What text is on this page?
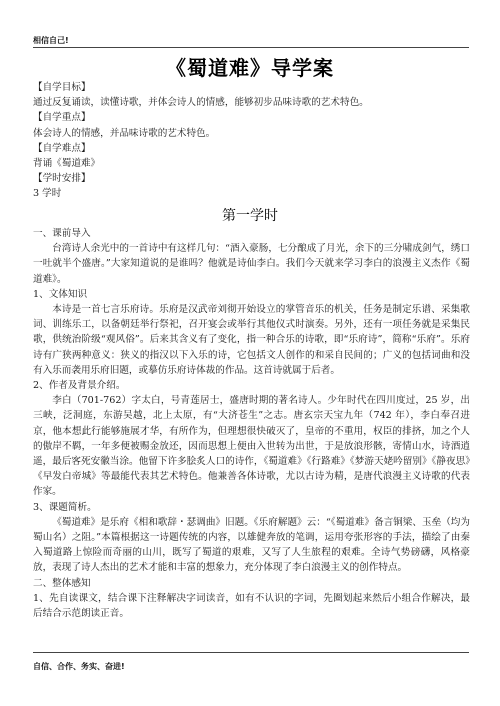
相信自己!
《蜀道难》导学案
【自学目标】
通过反复诵读，读懂诗歌，并体会诗人的情感，能够初步品味诗歌的艺术特色。
【自学重点】
体会诗人的情感，并品味诗歌的艺术特色。
【自学难点】
背诵《蜀道难》
【学时安排】
3 学时
第一学时
一、课前导入
台湾诗人余光中的一首诗中有这样几句：“酒入豪肠，七分酿成了月光，余下的三分啸成剑气，绣口一吐就半个盛唐。”大家知道说的是谁吗？他就是诗仙李白。我们今天就来学习李白的浪漫主义杰作《蜀道难》。
1、文体知识
本诗是一首七言乐府诗。乐府是汉武帝刘彻开始设立的掌管音乐的机关，任务是制定乐谱、采集歌词、训练乐工，以备朝廷举行祭祀，召开宴会或举行其他仪式时演奏。另外，还有一项任务就是采集民歌，供统治阶级“观风俗”。后来其含义有了变化，指一种合乐的诗歌，即“乐府诗”，简称“乐府”。乐府诗有广狭两种意义：狭义的指汉以下入乐的诗，它包括文人创作的和采自民间的；广义的包括词曲和没有入乐而袭用乐府旧题，或摹仿乐府诗体裁的作品。这首诗就属于后者。
2、作者及背景介绍。
李白（701-762）字太白，号青莲居士，盛唐时期的著名诗人。少年时代在四川度过，25 岁，出三峡，泛洞庭，东游吴越，北上太原，有“大济苍生”之志。唐玄宗天宝九年（742 年），李白奉召进京，他本想此行能够施展才华，有所作为，但理想很快破灭了，皇帝的不重用，权臣的排挤，加之个人的傲岸不羁，一年多便被赐金放还，因而思想上便由入世转为出世，于是放浪形骸，寄情山水，诗酒逍遥，最后客死安徽当涂。他留下许多脍炙人口的诗作，《蜀道难》《行路难》《梦游天姥吟留别》《静夜思》《早发白帝城》等最能代表其艺术特色。他兼善各体诗歌，尤以古诗为精，是唐代浪漫主义诗歌的代表作家。
3、课题简析。
《蜀道难》是乐府《相和歌辞・瑟调曲》旧题。《乐府解题》云：“《蜀道难》备言铜梁、玉垒（均为蜀山名）之阻。”本篇根据这一诗题传统的内容，以雄健奔放的笔调，运用夸张形容的手法，描绘了由秦入蜀道路上惊险而奇丽的山川，既写了蜀道的艰难，又写了人生旅程的艰难。全诗气势磅礴，风格豪放，表现了诗人杰出的艺术才能和丰富的想象力，充分体现了李白浪漫主义的创作特点。
二、整体感知
1、先自读课文，结合课下注释解决字词读音，如有不认识的字词，先圈划起来然后小组合作解决，最后结合示范朗读正音。
自信、合作、务实、奋进!
